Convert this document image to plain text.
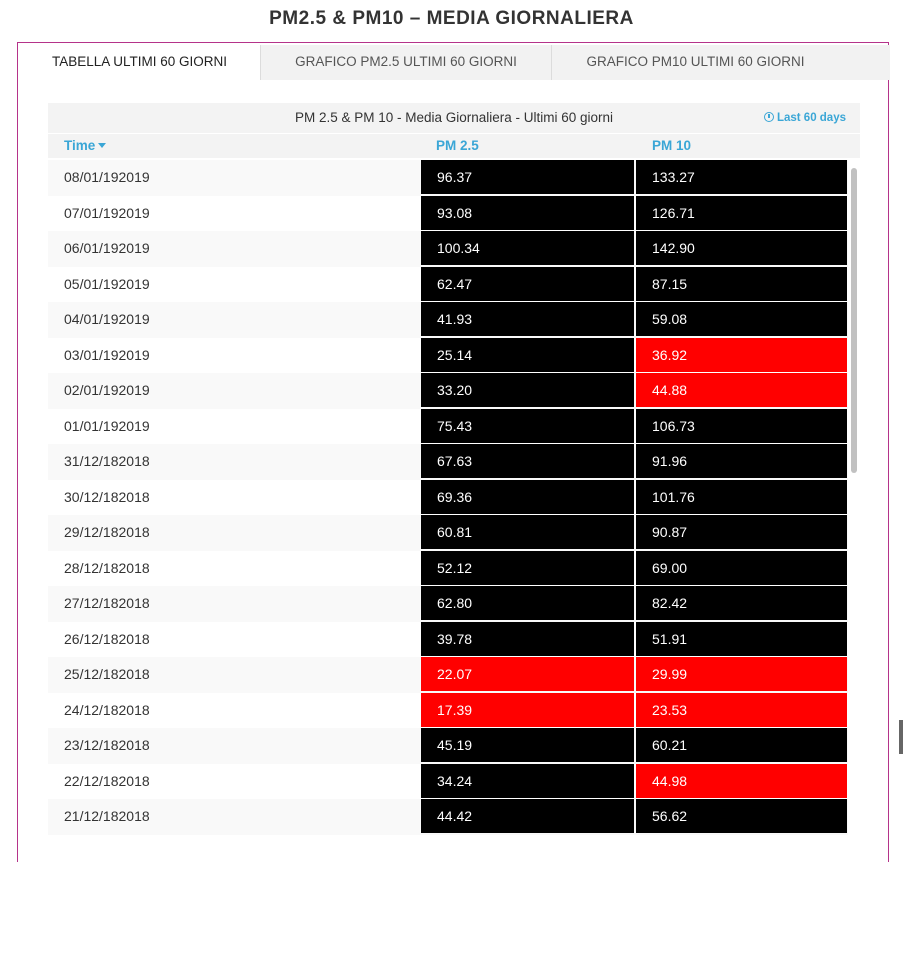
PM2.5 & PM10 – MEDIA GIORNALIERA
TABELLA ULTIMI 60 GIORNI	GRAFICO PM2.5 ULTIMI 60 GIORNI	GRAFICO PM10 ULTIMI 60 GIORNI
PM 2.5 & PM 10 - Media Giornaliera - Ultimi 60 giorni	Last 60 days
Time	PM 2.5	PM 10
08/01/192019	96.37	133.27
07/01/192019	93.08	126.71
06/01/192019	100.34	142.90
05/01/192019	62.47	87.15
04/01/192019	41.93	59.08
03/01/192019	25.14	36.92
02/01/192019	33.20	44.88
01/01/192019	75.43	106.73
31/12/182018	67.63	91.96
30/12/182018	69.36	101.76
29/12/182018	60.81	90.87
28/12/182018	52.12	69.00
27/12/182018	62.80	82.42
26/12/182018	39.78	51.91
25/12/182018	22.07	29.99
24/12/182018	17.39	23.53
23/12/182018	45.19	60.21
22/12/182018	34.24	44.98
21/12/182018	44.42	56.62
